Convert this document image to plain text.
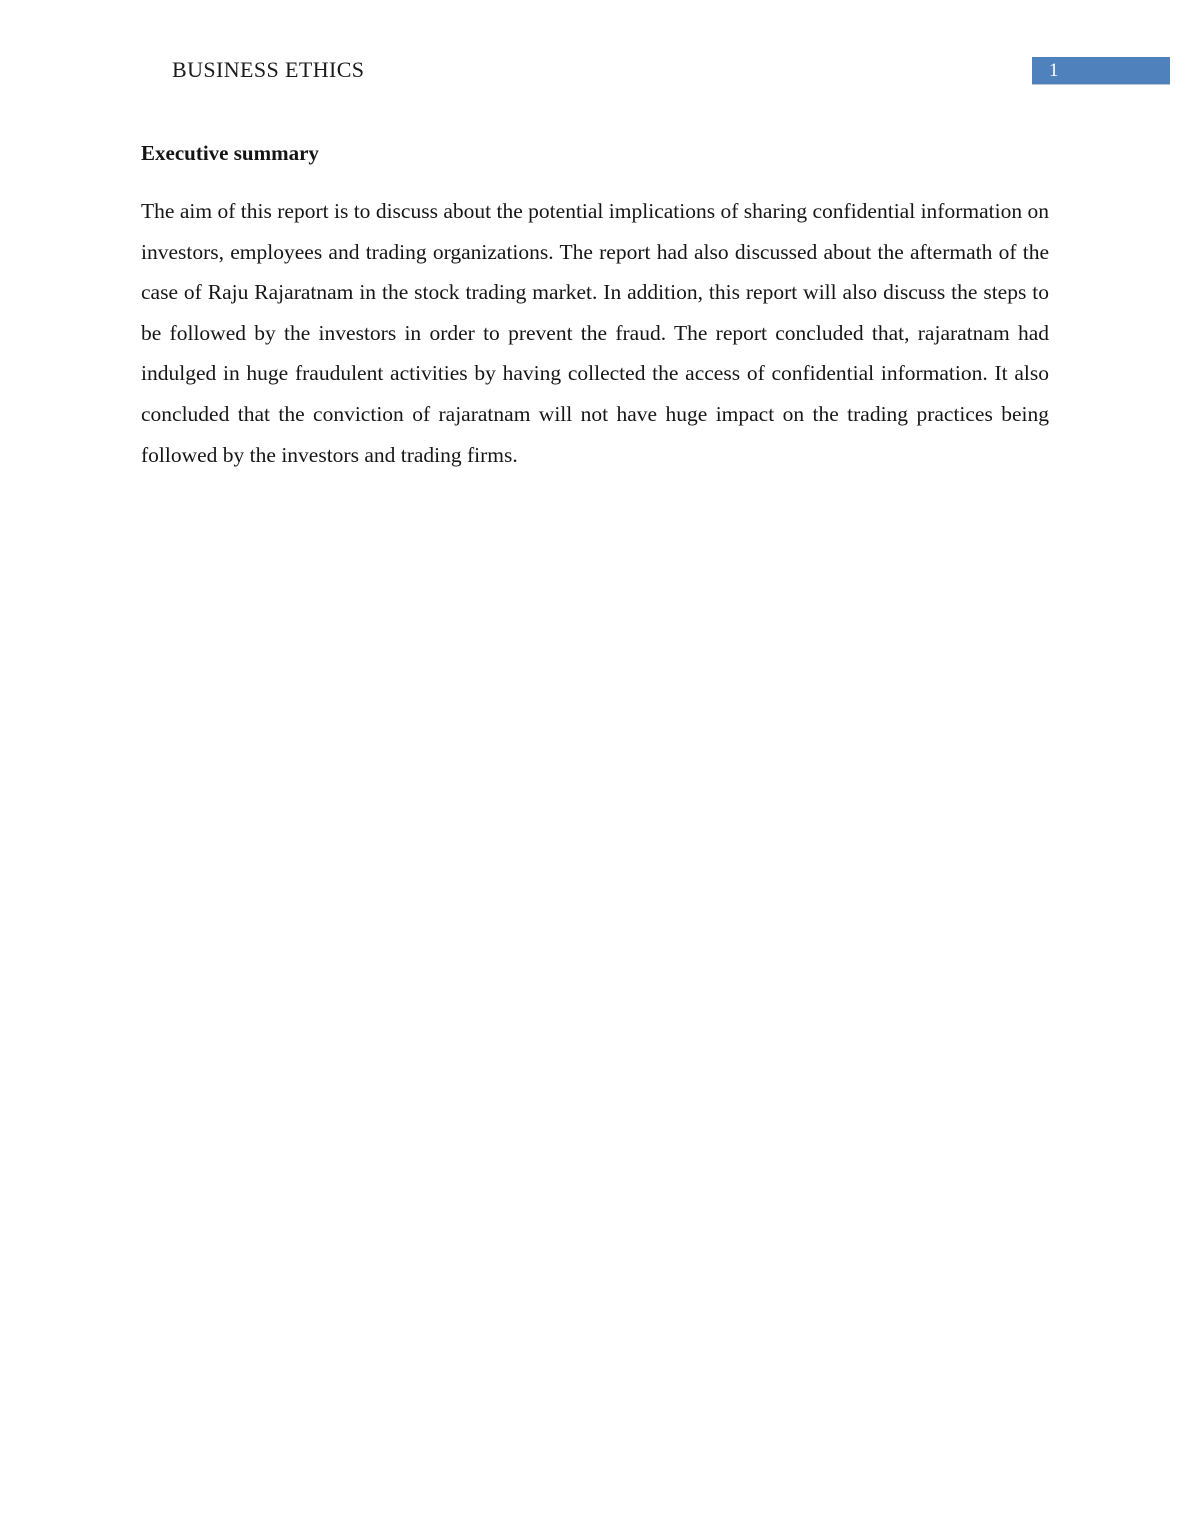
BUSINESS ETHICS	1
Executive summary

The aim of this report is to discuss about the potential implications of sharing confidential information on investors, employees and trading organizations. The report had also discussed about the aftermath of the case of Raju Rajaratnam in the stock trading market. In addition, this report will also discuss the steps to be followed by the investors in order to prevent the fraud. The report concluded that, rajaratnam had indulged in huge fraudulent activities by having collected the access of confidential information. It also concluded that the conviction of rajaratnam will not have huge impact on the trading practices being followed by the investors and trading firms.
